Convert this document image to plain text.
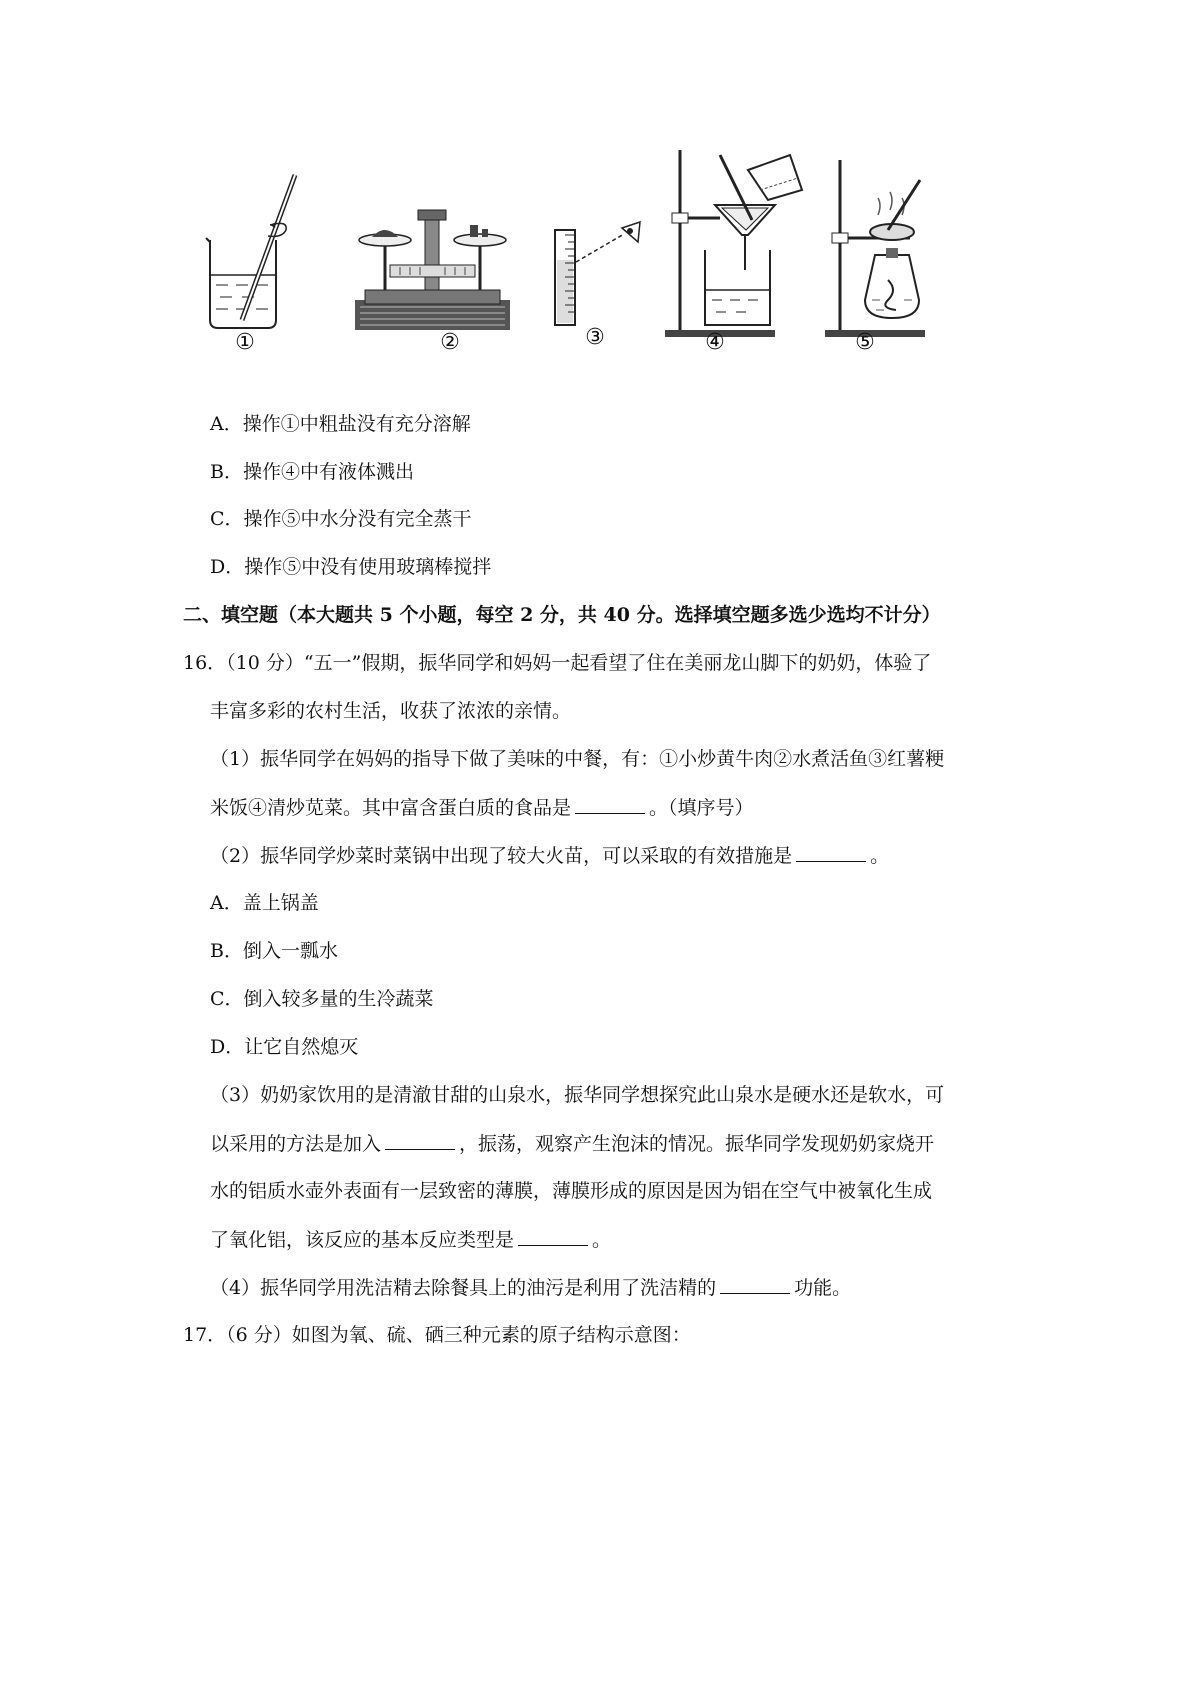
①	②	③	④	⑤
A．操作①中粗盐没有充分溶解
B．操作④中有液体溅出
C．操作⑤中水分没有完全蒸干
D．操作⑤中没有使用玻璃棒搅拌
二、填空题（本大题共 5 个小题，每空 2 分，共 40 分。选择填空题多选少选均不计分）
16．（10 分）“五一”假期，振华同学和妈妈一起看望了住在美丽龙山脚下的奶奶，体验了
丰富多彩的农村生活，收获了浓浓的亲情。
（1）振华同学在妈妈的指导下做了美味的中餐，有：①小炒黄牛肉②水煮活鱼③红薯粳
米饭④清炒苋菜。其中富含蛋白质的食品是	。（填序号）
（2）振华同学炒菜时菜锅中出现了较大火苗，可以采取的有效措施是	。
A．盖上锅盖
B．倒入一瓢水
C．倒入较多量的生冷蔬菜
D．让它自然熄灭
（3）奶奶家饮用的是清澈甘甜的山泉水，振华同学想探究此山泉水是硬水还是软水，可
以采用的方法是加入	，振荡，观察产生泡沫的情况。振华同学发现奶奶家烧开
水的铝质水壶外表面有一层致密的薄膜，薄膜形成的原因是因为铝在空气中被氧化生成
了氧化铝，该反应的基本反应类型是	。
（4）振华同学用洗洁精去除餐具上的油污是利用了洗洁精的	功能。
17．（6 分）如图为氧、硫、硒三种元素的原子结构示意图：
